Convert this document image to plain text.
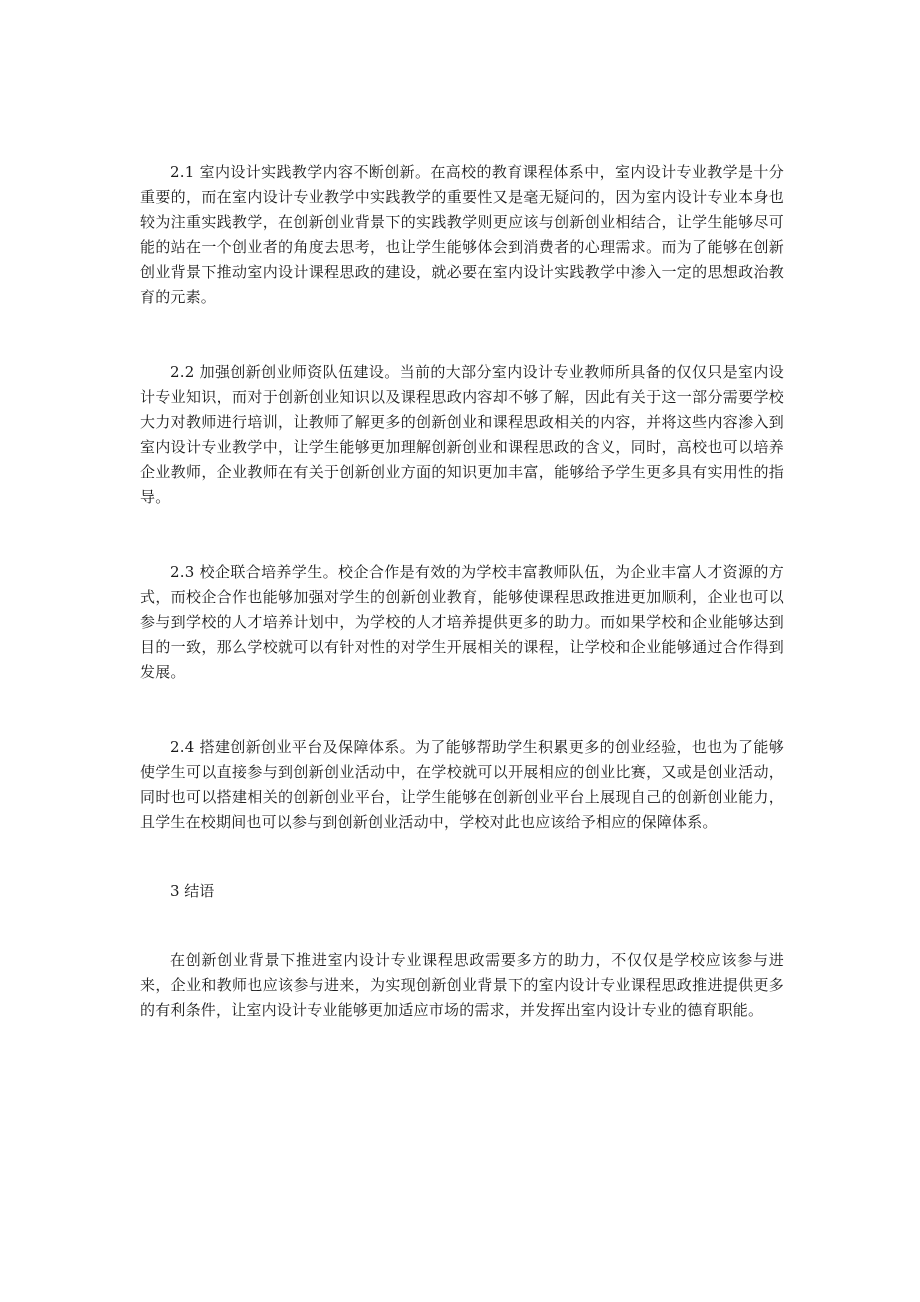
2.1 室内设计实践教学内容不断创新。在高校的教育课程体系中，室内设计专业教学是十分重要的，而在室内设计专业教学中实践教学的重要性又是毫无疑问的，因为室内设计专业本身也较为注重实践教学，在创新创业背景下的实践教学则更应该与创新创业相结合，让学生能够尽可能的站在一个创业者的角度去思考，也让学生能够体会到消费者的心理需求。而为了能够在创新创业背景下推动室内设计课程思政的建设，就必要在室内设计实践教学中渗入一定的思想政治教育的元素。

2.2 加强创新创业师资队伍建设。当前的大部分室内设计专业教师所具备的仅仅只是室内设计专业知识，而对于创新创业知识以及课程思政内容却不够了解，因此有关于这一部分需要学校大力对教师进行培训，让教师了解更多的创新创业和课程思政相关的内容，并将这些内容渗入到室内设计专业教学中，让学生能够更加理解创新创业和课程思政的含义，同时，高校也可以培养企业教师，企业教师在有关于创新创业方面的知识更加丰富，能够给予学生更多具有实用性的指导。

2.3 校企联合培养学生。校企合作是有效的为学校丰富教师队伍，为企业丰富人才资源的方式，而校企合作也能够加强对学生的创新创业教育，能够使课程思政推进更加顺利，企业也可以参与到学校的人才培养计划中，为学校的人才培养提供更多的助力。而如果学校和企业能够达到目的一致，那么学校就可以有针对性的对学生开展相关的课程，让学校和企业能够通过合作得到发展。

2.4 搭建创新创业平台及保障体系。为了能够帮助学生积累更多的创业经验，也也为了能够使学生可以直接参与到创新创业活动中，在学校就可以开展相应的创业比赛，又或是创业活动，同时也可以搭建相关的创新创业平台，让学生能够在创新创业平台上展现自己的创新创业能力，且学生在校期间也可以参与到创新创业活动中，学校对此也应该给予相应的保障体系。

3 结语

在创新创业背景下推进室内设计专业课程思政需要多方的助力，不仅仅是学校应该参与进来，企业和教师也应该参与进来，为实现创新创业背景下的室内设计专业课程思政推进提供更多的有利条件，让室内设计专业能够更加适应市场的需求，并发挥出室内设计专业的德育职能。
